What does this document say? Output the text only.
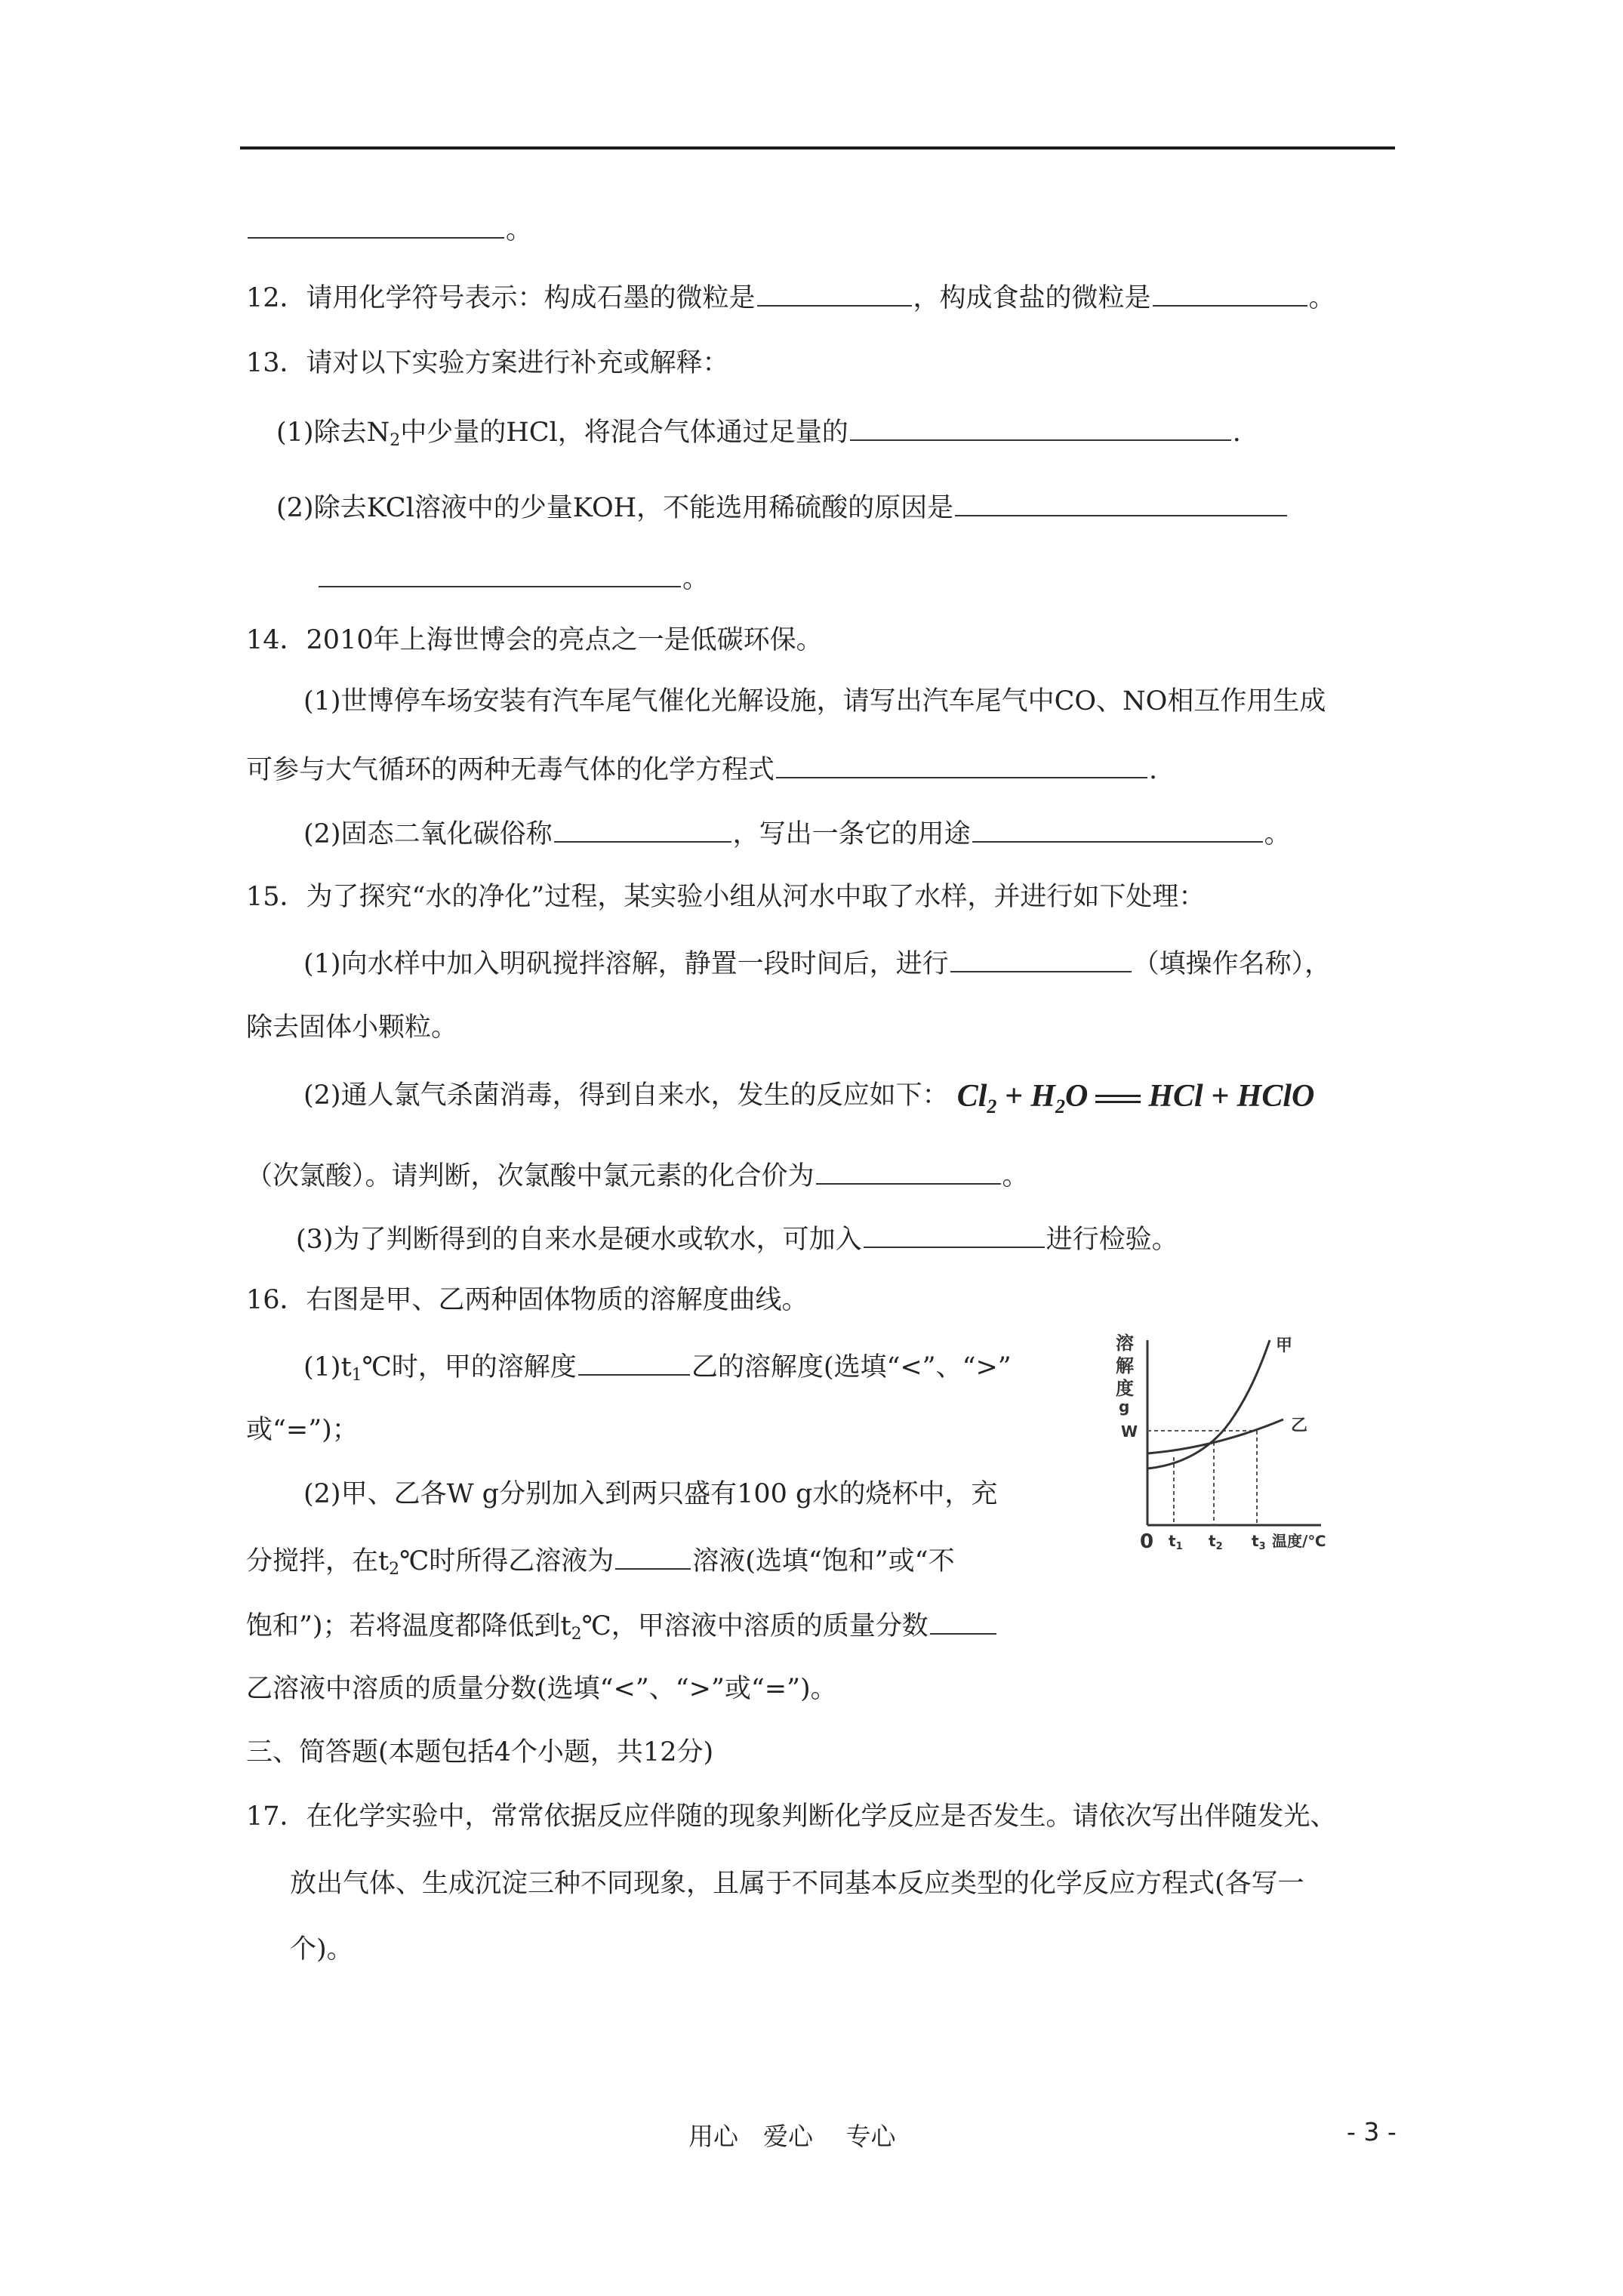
。
12．请用化学符号表示：构成石墨的微粒是	，构成食盐的微粒是	。
13．请对以下实验方案进行补充或解释：
(1)除去$N_2$中少量的HCl，将混合气体通过足量的	.
(2)除去KCl溶液中的少量KOH，不能选用稀硫酸的原因是
。
14．2010年上海世博会的亮点之一是低碳环保。
(1)世博停车场安装有汽车尾气催化光解设施，请写出汽车尾气中CO、NO相互作用生成
可参与大气循环的两种无毒气体的化学方程式	.
(2)固态二氧化碳俗称	，写出一条它的用途	。
15．为了探究“水的净化”过程，某实验小组从河水中取了水样，并进行如下处理：
(1)向水样中加入明矾搅拌溶解，静置一段时间后，进行	（填操作名称），
除去固体小颗粒。
(2)通人氯气杀菌消毒，得到自来水，发生的反应如下： $Cl_2 + H_2O$ HCl + HClO
（次氯酸）。请判断，次氯酸中氯元素的化合价为	。
(3)为了判断得到的自来水是硬水或软水，可加入	进行检验。
16．右图是甲、乙两种固体物质的溶解度曲线。
$(1)t_1℃$时，甲的溶解度	乙的溶解度(选填“<”、“>”
或“=”)；
(2)甲、乙各W g分别加入到两只盛有100 g水的烧杯中，充
分搅拌，在$t_2℃$时所得乙溶液为	溶液(选填“饱和”或“不
饱和”)；若将温度都降低到$t_2℃$，甲溶液中溶质的质量分数
乙溶液中溶质的质量分数(选填“<”、“>”或“=”)。
溶
解
度
g
W
甲
乙
0 $t_1$ $t_2$ $t_3$ 温度/℃
三、简答题(本题包括4个小题，共12分)
17．在化学实验中，常常依据反应伴随的现象判断化学反应是否发生。请依次写出伴随发光、
放出气体、生成沉淀三种不同现象，且属于不同基本反应类型的化学反应方程式(各写一
个)。
用心　爱心　 专心	- 3 -
